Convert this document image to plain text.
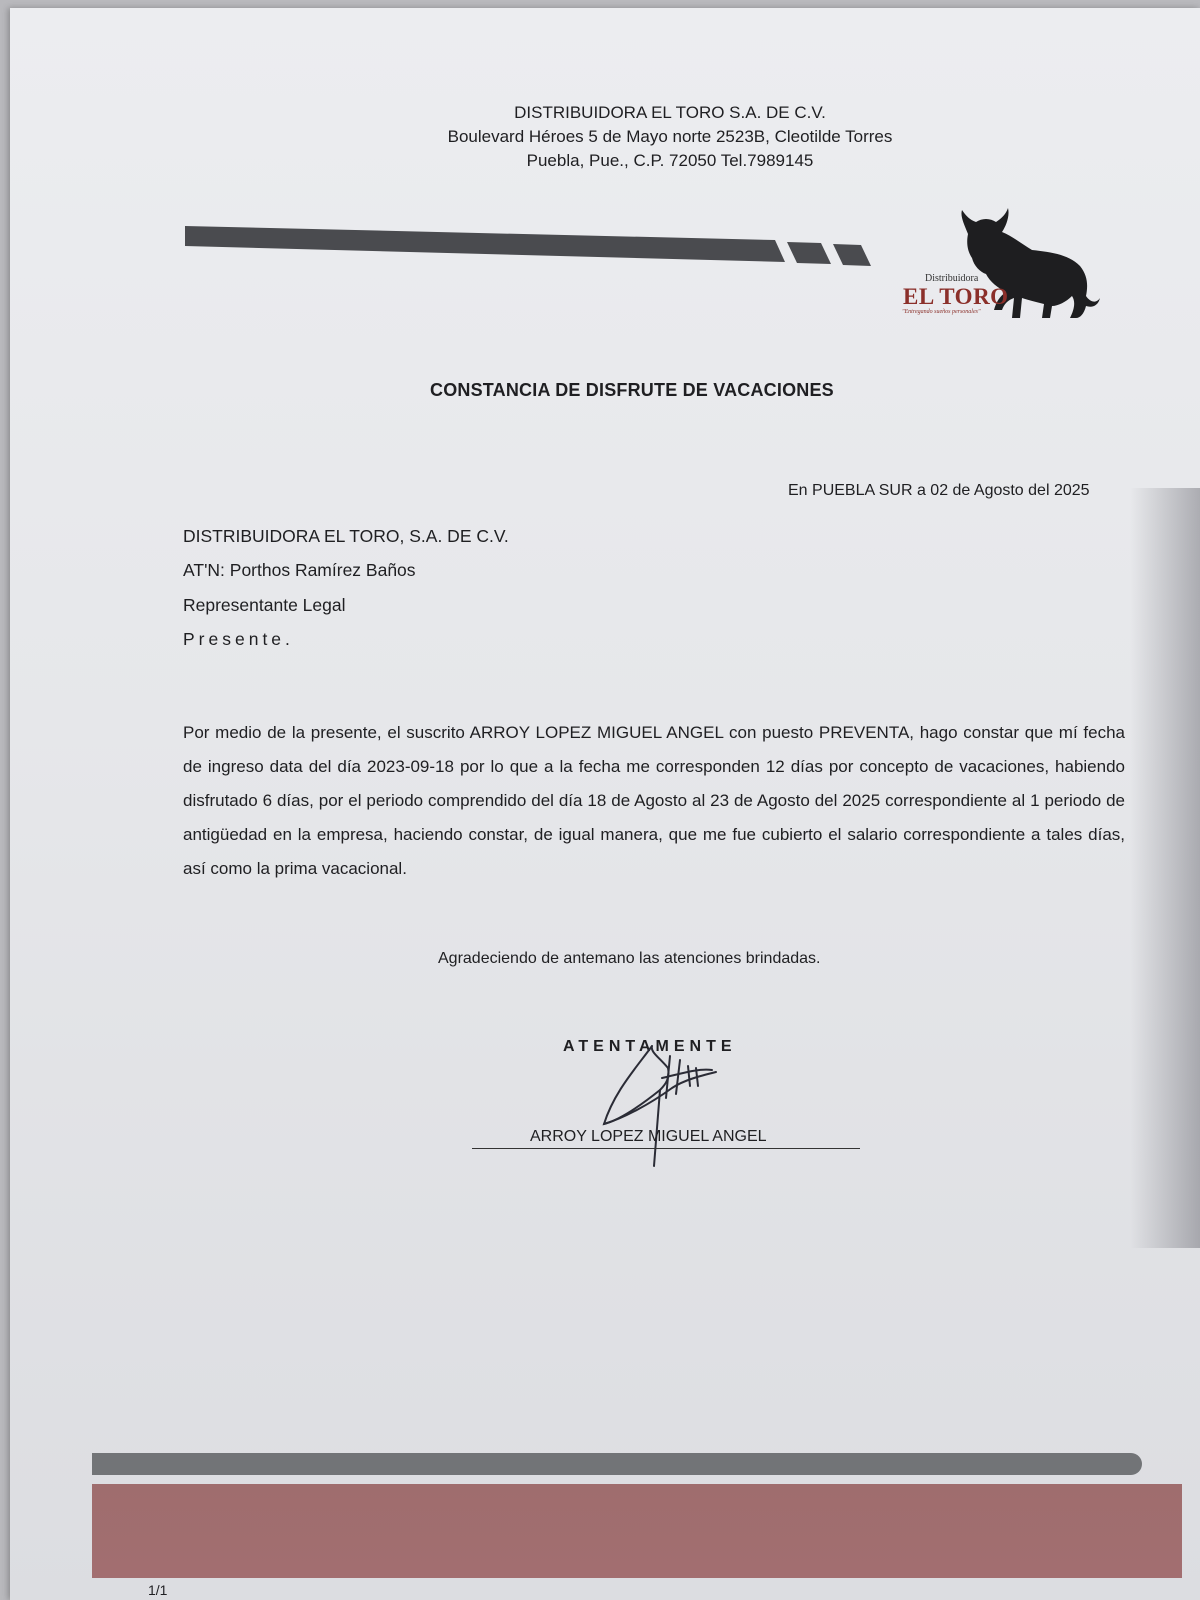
DISTRIBUIDORA EL TORO S.A. DE C.V.
Boulevard Héroes 5 de Mayo norte 2523B, Cleotilde Torres
Puebla, Pue., C.P. 72050 Tel.7989145
Distribuidora
EL TORO
"Entregando sueños personales"
CONSTANCIA DE DISFRUTE DE VACACIONES
En PUEBLA SUR a 02 de Agosto del 2025
DISTRIBUIDORA EL TORO, S.A. DE C.V.
AT'N: Porthos Ramírez Baños
Representante Legal
Presente.
Por medio de la presente, el suscrito ARROY LOPEZ MIGUEL ANGEL con puesto PREVENTA, hago constar que mí fecha de ingreso data del día 2023-09-18 por lo que a la fecha me corresponden 12 días por concepto de vacaciones, habiendo disfrutado 6 días, por el periodo comprendido del día 18 de Agosto al 23 de Agosto del 2025 correspondiente al 1 periodo de antigüedad en la empresa, haciendo constar, de igual manera, que me fue cubierto el salario correspondiente a tales días, así como la prima vacacional.
Agradeciendo de antemano las atenciones brindadas.
ATENTAMENTE
ARROY LOPEZ MIGUEL ANGEL
1/1
